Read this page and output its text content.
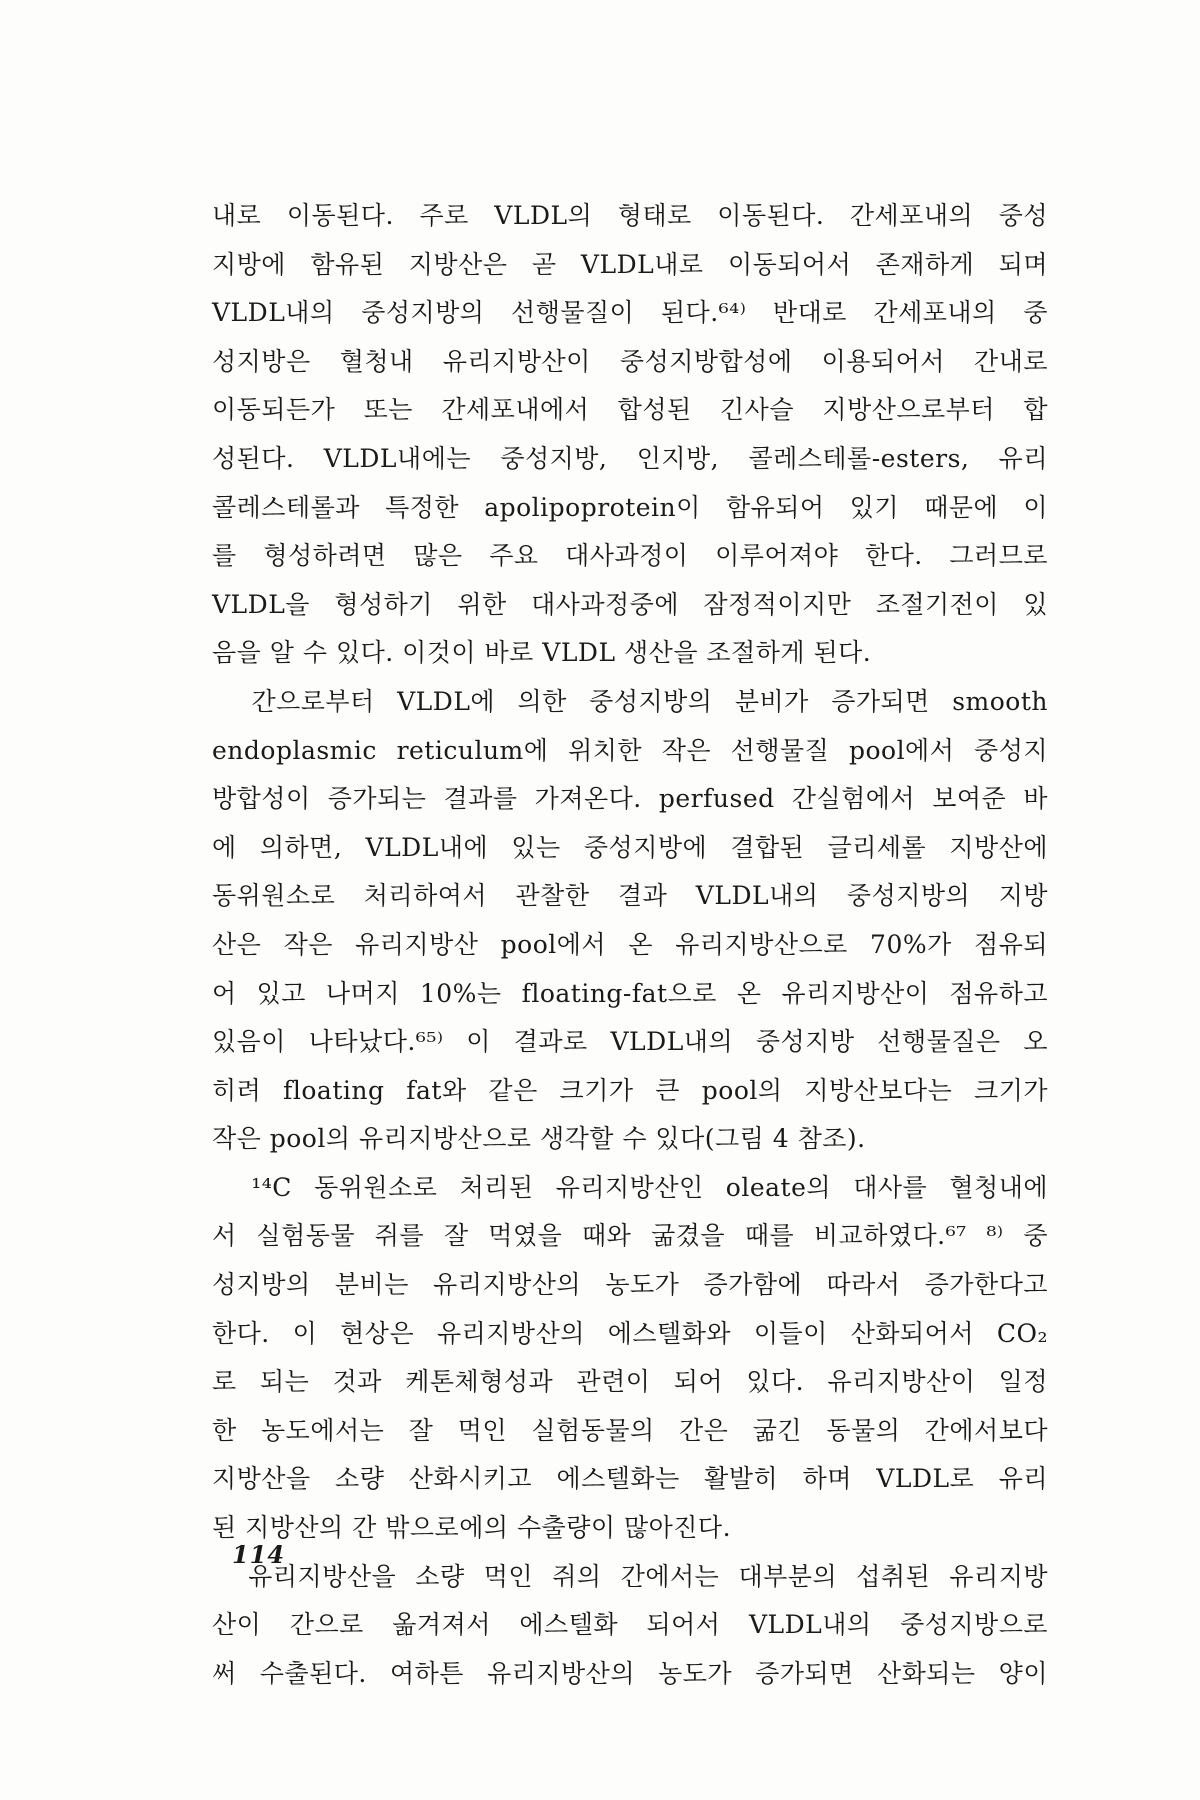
내로 이동된다. 주로 VLDL의 형태로 이동된다. 간세포내의 중성
지방에 함유된 지방산은 곧 VLDL내로 이동되어서 존재하게 되며
VLDL내의 중성지방의 선행물질이 된다.⁶⁴⁾ 반대로 간세포내의 중
성지방은 혈청내 유리지방산이 중성지방합성에 이용되어서 간내로
이동되든가 또는 간세포내에서 합성된 긴사슬 지방산으로부터 합
성된다. VLDL내에는 중성지방, 인지방, 콜레스테롤-esters, 유리
콜레스테롤과 특정한 apolipoprotein이 함유되어 있기 때문에 이
를 형성하려면 많은 주요 대사과정이 이루어져야 한다. 그러므로
VLDL을 형성하기 위한 대사과정중에 잠정적이지만 조절기전이 있
음을 알 수 있다. 이것이 바로 VLDL 생산을 조절하게 된다.
　간으로부터 VLDL에 의한 중성지방의 분비가 증가되면 smooth
endoplasmic reticulum에 위치한 작은 선행물질 pool에서 중성지
방합성이 증가되는 결과를 가져온다. perfused 간실험에서 보여준 바
에 의하면, VLDL내에 있는 중성지방에 결합된 글리세롤 지방산에
동위원소로 처리하여서 관찰한 결과 VLDL내의 중성지방의 지방
산은 작은 유리지방산 pool에서 온 유리지방산으로 70%가 점유되
어 있고 나머지 10%는 floating-fat으로 온 유리지방산이 점유하고
있음이 나타났다.⁶⁵⁾ 이 결과로 VLDL내의 중성지방 선행물질은 오
히려 floating fat와 같은 크기가 큰 pool의 지방산보다는 크기가
작은 pool의 유리지방산으로 생각할 수 있다(그림 4 참조).
　¹⁴C 동위원소로 처리된 유리지방산인 oleate의 대사를 혈청내에
서 실험동물 쥐를 잘 먹였을 때와 굶겼을 때를 비교하였다.⁶⁷ ⁸⁾ 중
성지방의 분비는 유리지방산의 농도가 증가함에 따라서 증가한다고
한다. 이 현상은 유리지방산의 에스텔화와 이들이 산화되어서 CO₂
로 되는 것과 케톤체형성과 관련이 되어 있다. 유리지방산이 일정
한 농도에서는 잘 먹인 실험동물의 간은 굶긴 동물의 간에서보다
지방산을 소량 산화시키고 에스텔화는 활발히 하며 VLDL로 유리
된 지방산의 간 밖으로에의 수출량이 많아진다.
　유리지방산을 소량 먹인 쥐의 간에서는 대부분의 섭취된 유리지방
산이 간으로 옮겨져서 에스텔화 되어서 VLDL내의 중성지방으로
써 수출된다. 여하튼 유리지방산의 농도가 증가되면 산화되는 양이
114
